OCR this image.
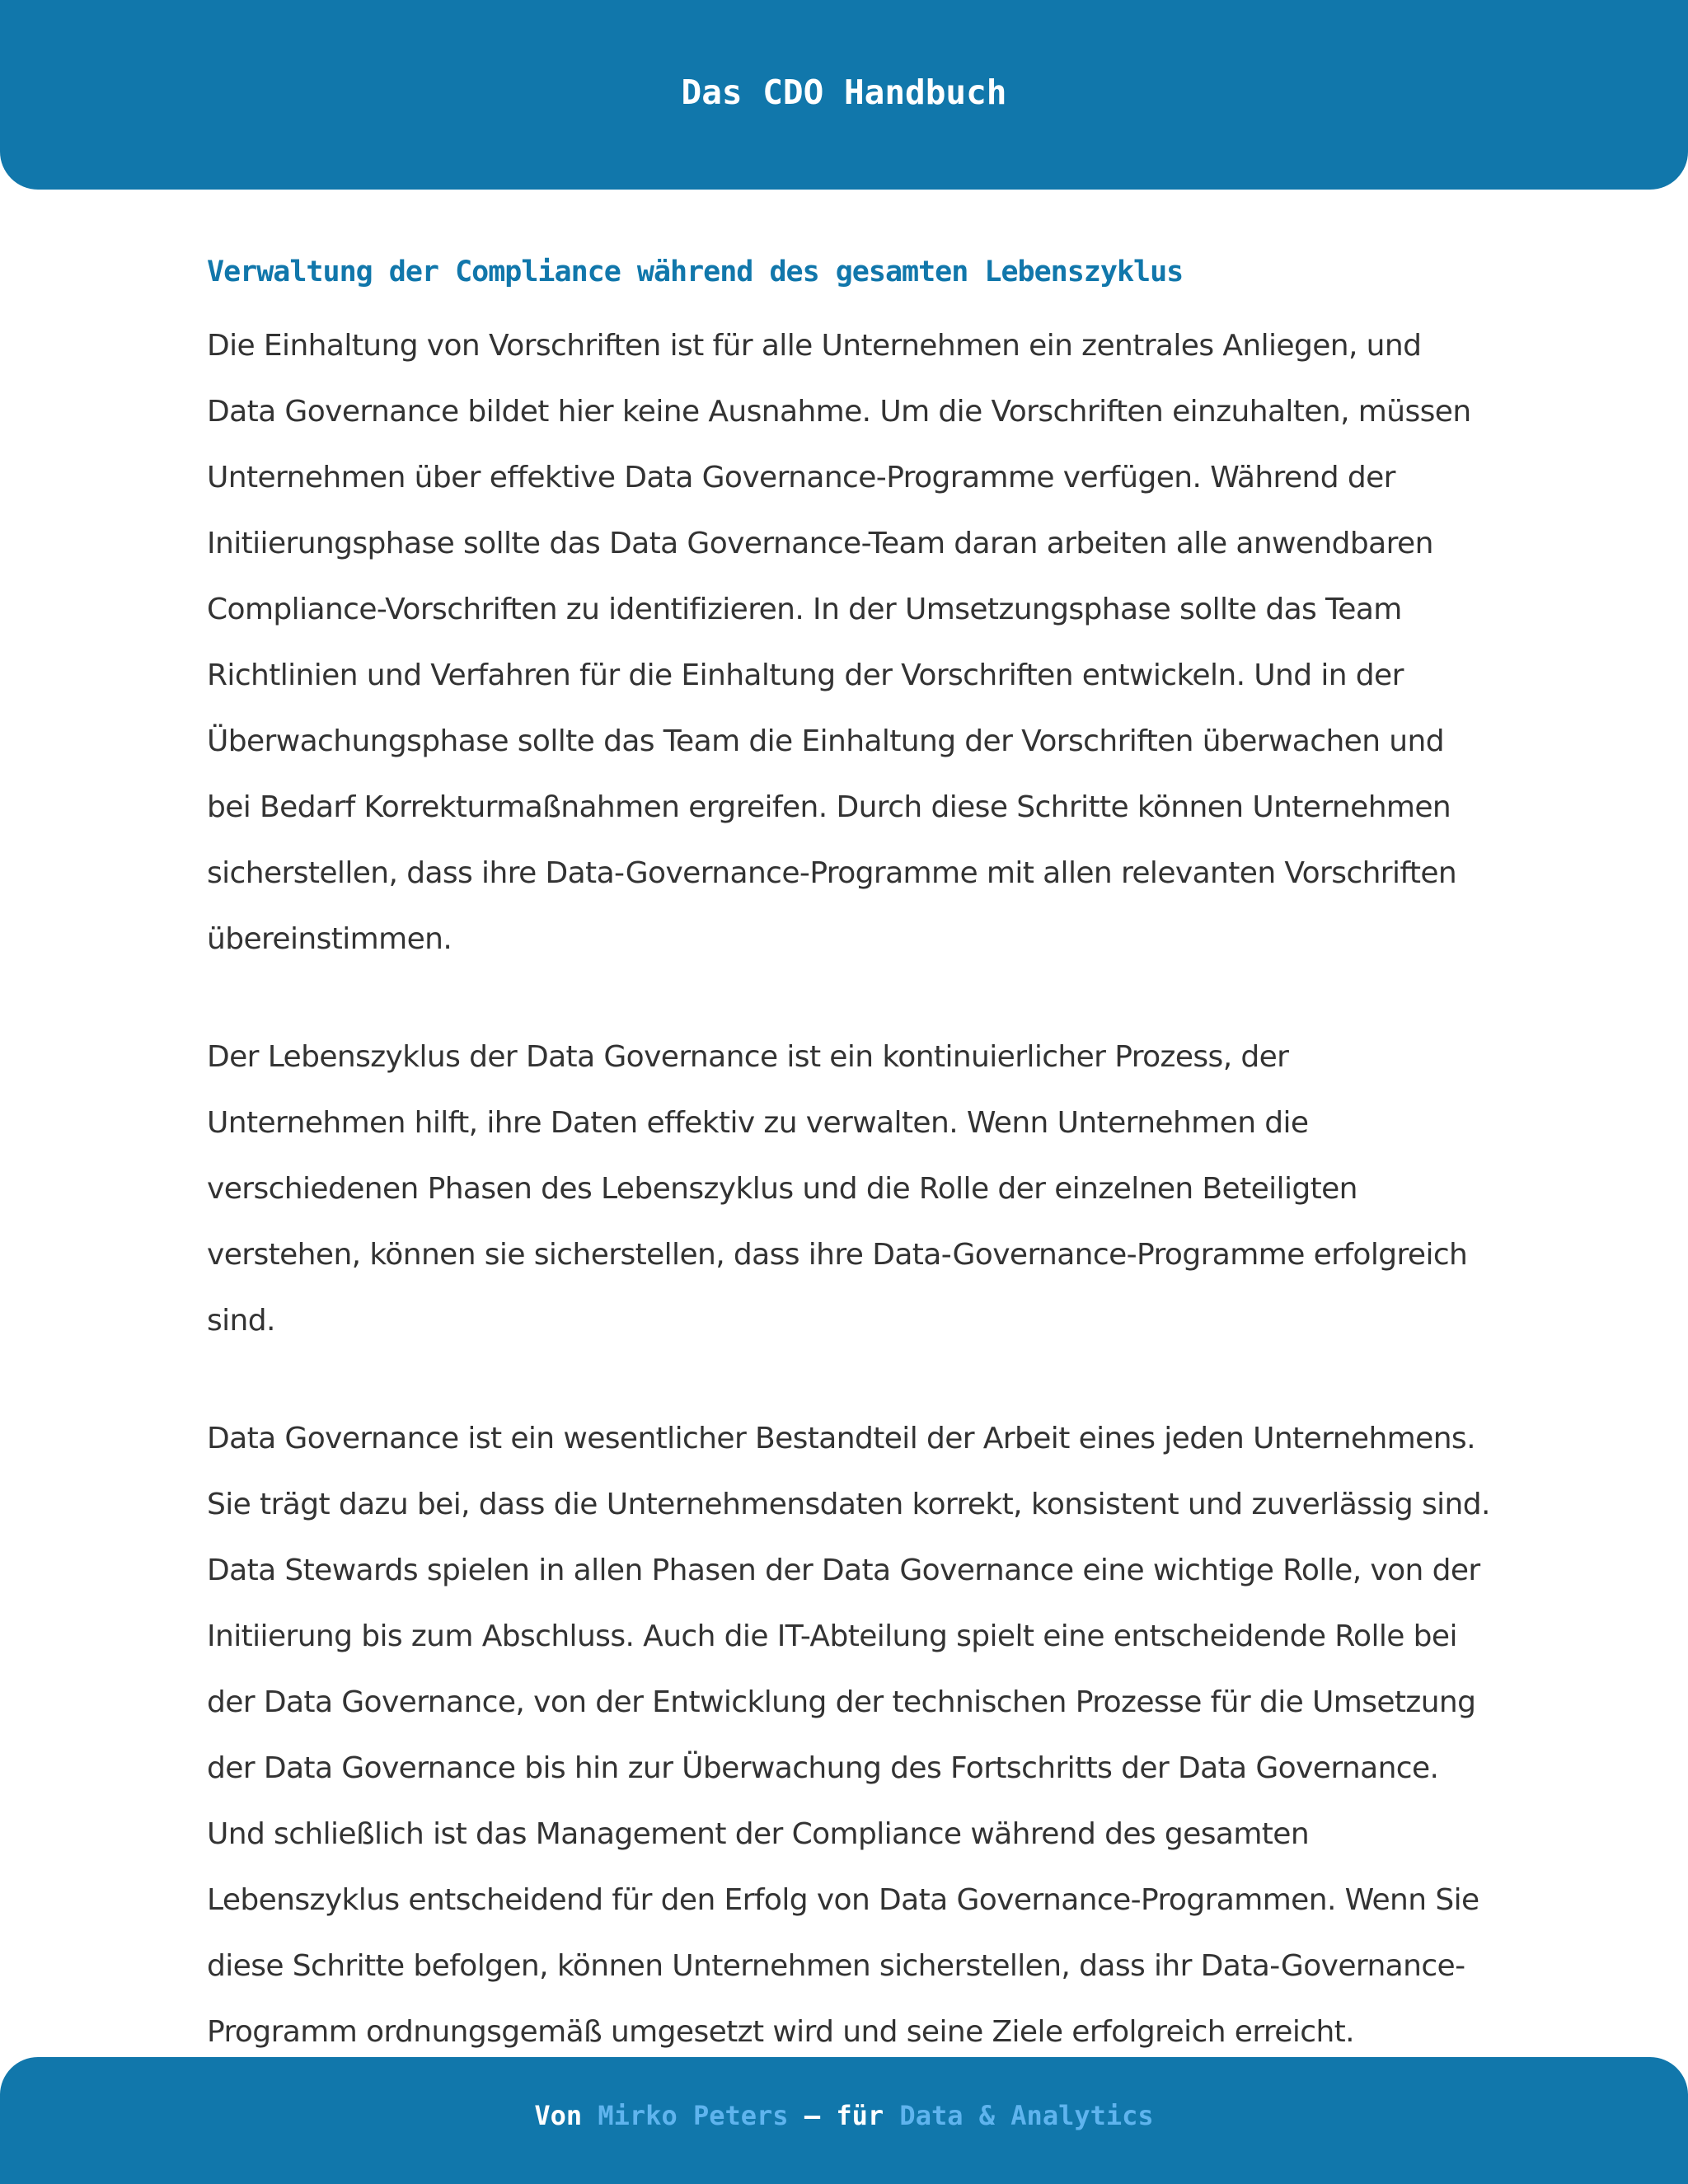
Das CDO Handbuch
Verwaltung der Compliance während des gesamten Lebenszyklus

Die Einhaltung von Vorschriften ist für alle Unternehmen ein zentrales Anliegen, und Data Governance bildet hier keine Ausnahme. Um die Vorschriften einzuhalten, müssen Unternehmen über effektive Data Governance-Programme verfügen. Während der Initiierungsphase sollte das Data Governance-Team daran arbeiten alle anwendbaren Compliance-Vorschriften zu identifizieren. In der Umsetzungsphase sollte das Team Richtlinien und Verfahren für die Einhaltung der Vorschriften entwickeln. Und in der Überwachungsphase sollte das Team die Einhaltung der Vorschriften überwachen und bei Bedarf Korrekturmaßnahmen ergreifen. Durch diese Schritte können Unternehmen sicherstellen, dass ihre Data-Governance-Programme mit allen relevanten Vorschriften übereinstimmen.

Der Lebenszyklus der Data Governance ist ein kontinuierlicher Prozess, der Unternehmen hilft, ihre Daten effektiv zu verwalten. Wenn Unternehmen die verschiedenen Phasen des Lebenszyklus und die Rolle der einzelnen Beteiligten verstehen, können sie sicherstellen, dass ihre Data-Governance-Programme erfolgreich sind.

Data Governance ist ein wesentlicher Bestandteil der Arbeit eines jeden Unternehmens. Sie trägt dazu bei, dass die Unternehmensdaten korrekt, konsistent und zuverlässig sind. Data Stewards spielen in allen Phasen der Data Governance eine wichtige Rolle, von der Initiierung bis zum Abschluss. Auch die IT-Abteilung spielt eine entscheidende Rolle bei der Data Governance, von der Entwicklung der technischen Prozesse für die Umsetzung der Data Governance bis hin zur Überwachung des Fortschritts der Data Governance. Und schließlich ist das Management der Compliance während des gesamten Lebenszyklus entscheidend für den Erfolg von Data Governance-Programmen. Wenn Sie diese Schritte befolgen, können Unternehmen sicherstellen, dass ihr Data-Governance-Programm ordnungsgemäß umgesetzt wird und seine Ziele erfolgreich erreicht.

Von Mirko Peters – für Data & Analytics
